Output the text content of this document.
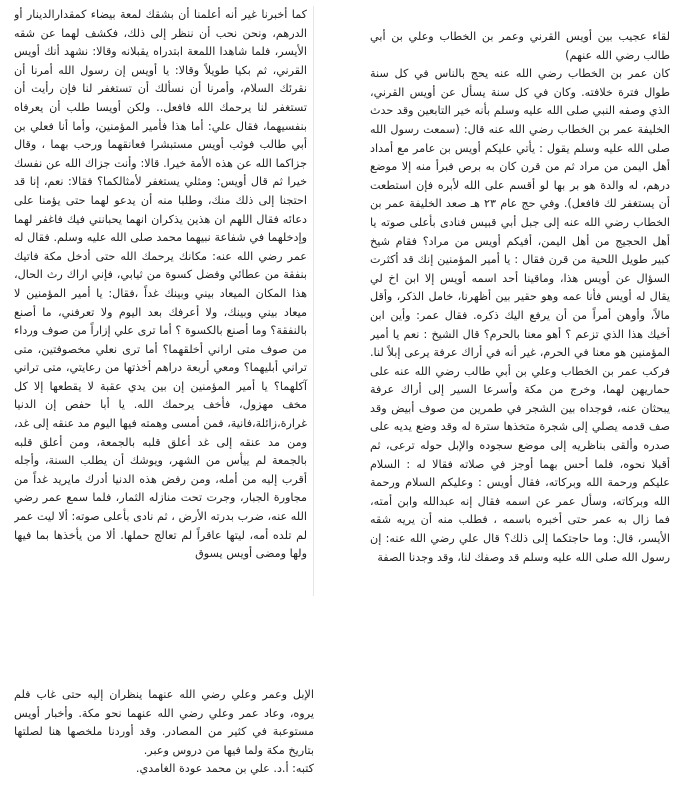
لقاء عجيب بين أويس القرني وعمر بن الخطاب وعلي بن أبي طالب رضي الله عنهم)

كان عمر بن الخطاب رضي الله عنه يحج بالناس في كل سنة طوال فترة خلافته. وكان في كل سنة يسأل عن أويس القرني، الذي وصفه النبي صلى الله عليه وسلم بأنه خير التابعين وقد حدث الخليفة عمر بن الخطاب رضي الله عنه قال: (سمعت رسول الله صلى الله عليه وسلم يقول : يأتي عليكم أويس بن عامر مع أمداد أهل اليمن من مراد ثم من قرن كان به برص فبرأ منه إلا موضع درهم، له والدة هو بر بها لو أقسم على الله لأبره فإن استطعت أن يستغفر لك فافعل). وفي حج عام ٢٣ هـ صعد الخليفة عمر بن الخطاب رضي الله عنه إلى جبل أبي قبيس فنادى بأعلى صوته يا أهل الحجيج من أهل اليمن، أفيكم أويس من مراد؟ فقام شيخ كبير طويل اللحية من قرن فقال : يا أمير المؤمنين إنك قد أكثرت السؤال عن أويس هذا، وماقينا أحد اسمه أويس إلا ابن اخ لي يقال له أويس فأنا عمه وهو حقير بين أظهرنا، خامل الذكر، وأقل مالاً، وأوهن أمراً من أن يرفع اليك ذكره. فقال عمر: وأين ابن أخيك هذا الذي تزعم ؟ أهو معنا بالحرم؟ قال الشيخ : نعم يا أمير المؤمنين هو معنا في الحرم، غير أنه في أراك عرفة يرعى إبلاً لنا. فركب عمر بن الخطاب وعلي بن أبي طالب رضي الله عنه على حماريهن لهما، وخرج من مكة وأسرعا السير إلى أراك عرفة يبحثان عنه، فوجداه بين الشجر في طمرين من صوف أبيض وقد صف قدمه يصلي إلى شجرة متخذها سترة له وقد وضع يديه على صدره وألقى بناظريه إلى موضع سجوده والإبل حوله ترعى، ثم أقبلا نحوه، فلما أحس بهما أوجز في صلاته فقالا له : السلام عليكم ورحمة الله وبركاته، فقال أويس : وعليكم السلام ورحمة الله وبركاته، وسأل عمر عن اسمه فقال إنه عبدالله وابن أمته، فما زال به عمر حتى أخبره باسمه ، فطلب منه أن يريه شقه الأيسر، قال: وما حاجتكما إلى ذلك؟ قال علي رضي الله عنه: إن رسول الله صلى الله عليه وسلم قد وصفك لنا، وقد وجدنا الصفة

كما أخبرنا غير أنه أعلمنا أن بشقك لمعة بيضاء كمقدارالدينار أو الدرهم، ونحن نحب أن ننظر إلى ذلك، فكشف لهما عن شقه الأيسر، فلما شاهدا اللمعة ابتدراه يقبلانه وقالا: نشهد أنك أويس القرني، ثم بكيا طويلاً وقالا: يا أويس إن رسول الله أمرنا أن نقرئك السلام، وأمرنا أن نسألك أن تستغفر لنا فإن رأيت أن تستغفر لنا يرحمك الله فافعل.. ولكن أويسا طلب أن يعرفاه بنفسيهما، فقال علي: أما هذا فأمير المؤمنين، وأما أنا فعلي بن أبي طالب فوثب أويس مستبشرا فعانقهما ورحب بهما ، وقال جزاكما الله عن هذه الأمة خيرا. قالا: وأنت جزاك الله عن نفسك خيرا ثم قال أويس: ومثلي يستغفر لأمثالكما؟ فقالا: نعم، إنا قد احتجنا إلى ذلك منك، وطلبا منه أن يدعو لهما حتى يؤمنا على دعائه فقال اللهم ان هذين يذكران انهما يحبانني فيك فاغفر لهما وإدخلهما في شفاعة نبيهما محمد صلى الله عليه وسلم. فقال له عمر رضي الله عنه: مكانك يرحمك الله حتى أدخل مكة فاتيك بنفقة من عطائي وفضل كسوة من ثيابي، فإني اراك رث الحال، هذا المكان الميعاد بيني وبينك غداً ،فقال: يا أمير المؤمنين لا ميعاد بيني وبينك، ولا أعرفك بعد اليوم ولا تعرفني، ما أصنع بالنفقة؟ وما أصنع بالكسوة ؟ أما ترى علي إزاراً من صوف ورداء من صوف متى اراني أخلقهما؟ أما ترى نعلي مخصوفتين، متى تراني أبليهما؟ ومعي أربعة دراهم أخذتها من رعايتي، متى تراني آكلهما؟ يا أمير المؤمنين إن بين يدي عقبة لا يقطعها إلا كل مخف مهزول، فأخف يرحمك الله. يا أبا حفص إن الدنيا غرارة،زائلة،فانية، فمن أمسى وهمته فيها اليوم مد عنقه إلى غد، ومن مد عنقه إلى غد أعلق قلبه بالجمعة، ومن أعلق قلبه بالجمعة لم ييأس من الشهر، ويوشك أن يطلب السنة، وأجله أقرب إليه من أمله، ومن رفض هذه الدنيا أدرك مايريد غداً من مجاورة الجبار، وجرت تحت منازله الثمار، فلما سمع عمر رضي الله عنه، ضرب بدرته الأرض ، ثم نادى بأعلى صوته: ألا ليت عمر لم تلده أمه، ليتها عاقراً لم تعالج حملها. ألا من يأخذها بما فيها ولها ومضى أويس يسوق

الإبل وعمر وعلي رضي الله عنهما ينظران إليه حتى غاب فلم يروه، وعاد عمر وعلي رضي الله عنهما نحو مكة. وأخبار أويس مستوعبة في كثير من المصادر. وقد أوردنا ملخصها هنا لصلتها بتاريخ مكة ولما فيها من دروس وعبر.

كتبه: أ.د. علي بن محمد عودة الغامدي.
